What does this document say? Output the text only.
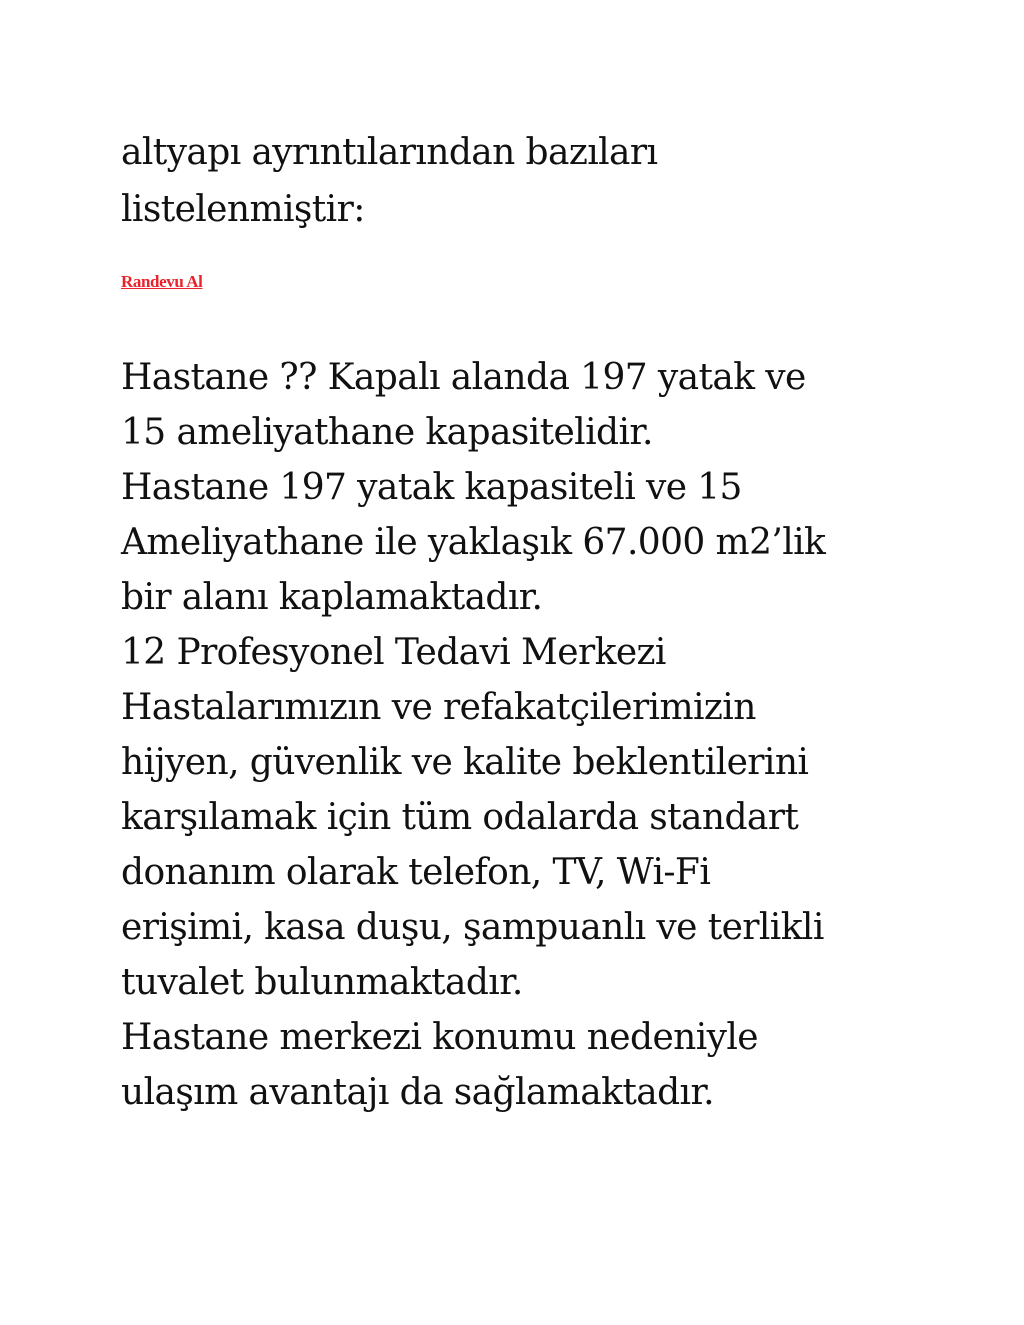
altyapı ayrıntılarından bazıları
listelenmiştir:

Randevu Al

Hastane ?? Kapalı alanda 197 yatak ve

15 ameliyathane kapasitelidir.

Hastane 197 yatak kapasiteli ve 15

Ameliyathane ile yaklaşık 67.000 m2’lik

bir alanı kaplamaktadır.

12 Profesyonel Tedavi Merkezi

Hastalarımızın ve refakatçilerimizin

hijyen, güvenlik ve kalite beklentilerini

karşılamak için tüm odalarda standart

donanım olarak telefon, TV, Wi-Fi

erişimi, kasa duşu, şampuanlı ve terlikli

tuvalet bulunmaktadır.

Hastane merkezi konumu nedeniyle

ulaşım avantajı da sağlamaktadır.
